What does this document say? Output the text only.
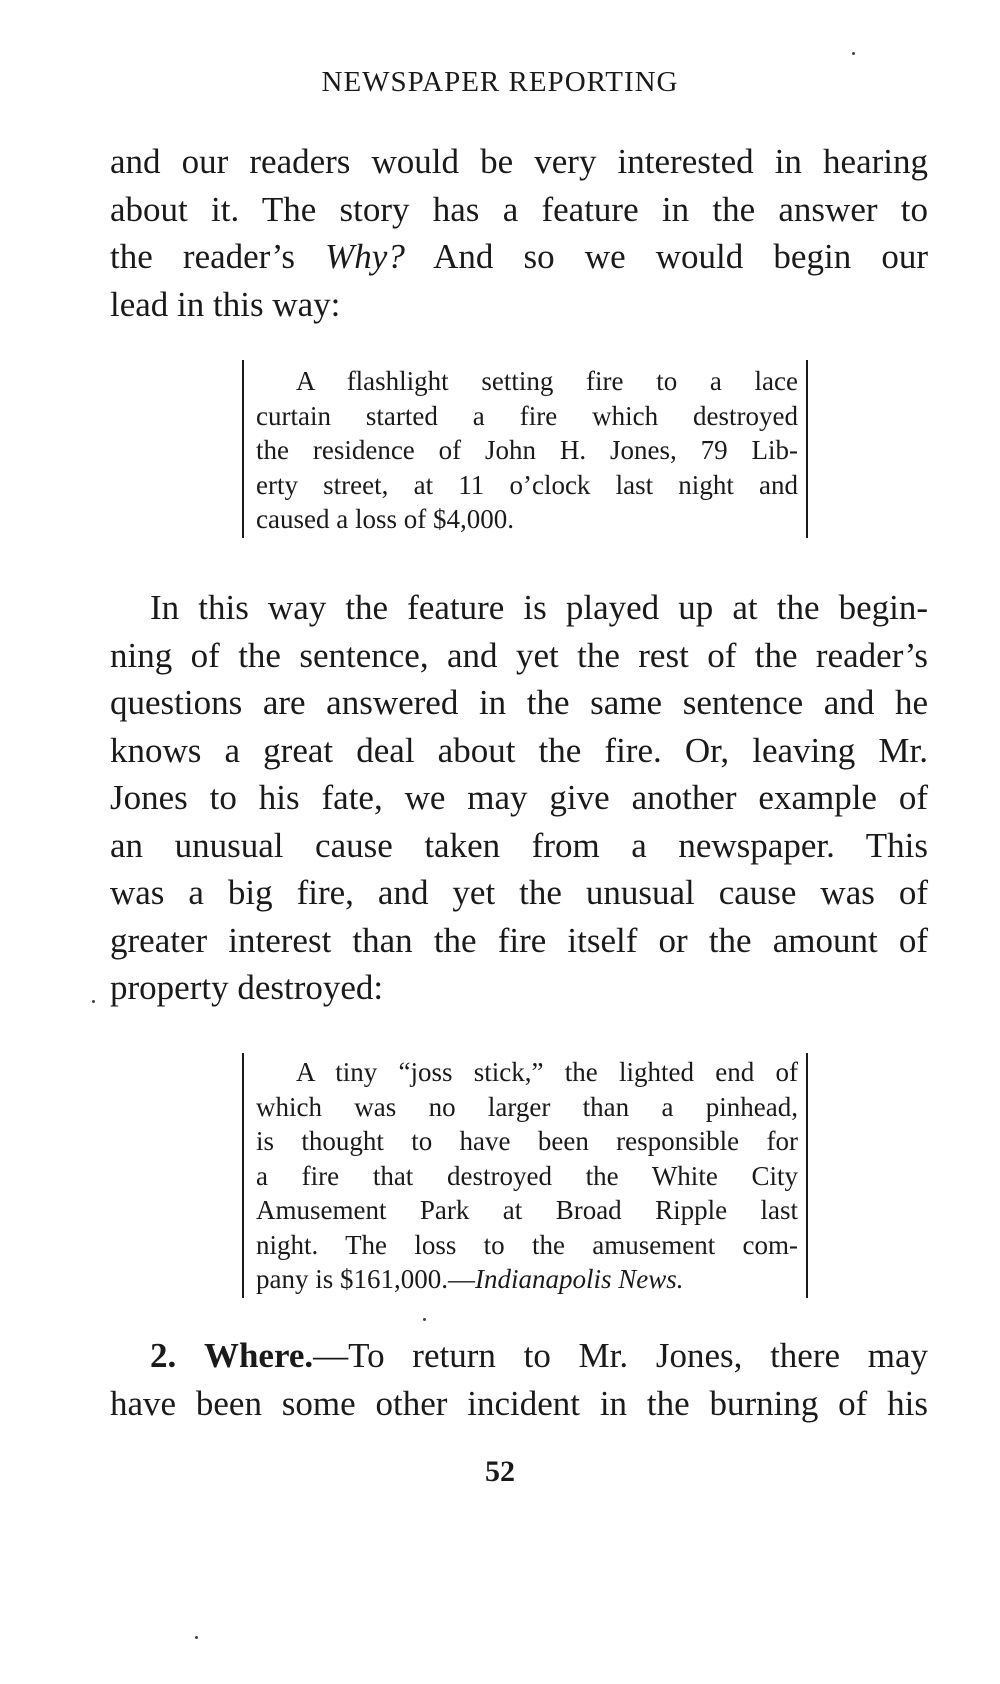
NEWSPAPER REPORTING
and our readers would be very interested in hearing
about it. The story has a feature in the answer to
the reader’s Why? And so we would begin our
lead in this way:
A flashlight setting fire to a lace
curtain started a fire which destroyed
the residence of John H. Jones, 79 Lib-
erty street, at 11 o’clock last night and
caused a loss of $4,000.
In this way the feature is played up at the begin-
ning of the sentence, and yet the rest of the reader’s
questions are answered in the same sentence and he
knows a great deal about the fire. Or, leaving Mr.
Jones to his fate, we may give another example of
an unusual cause taken from a newspaper. This
was a big fire, and yet the unusual cause was of
greater interest than the fire itself or the amount of
property destroyed:
A tiny “joss stick,” the lighted end of
which was no larger than a pinhead,
is thought to have been responsible for
a fire that destroyed the White City
Amusement Park at Broad Ripple last
night. The loss to the amusement com-
pany is $161,000.—Indianapolis News.
2. Where.—To return to Mr. Jones, there may
have been some other incident in the burning of his
52
